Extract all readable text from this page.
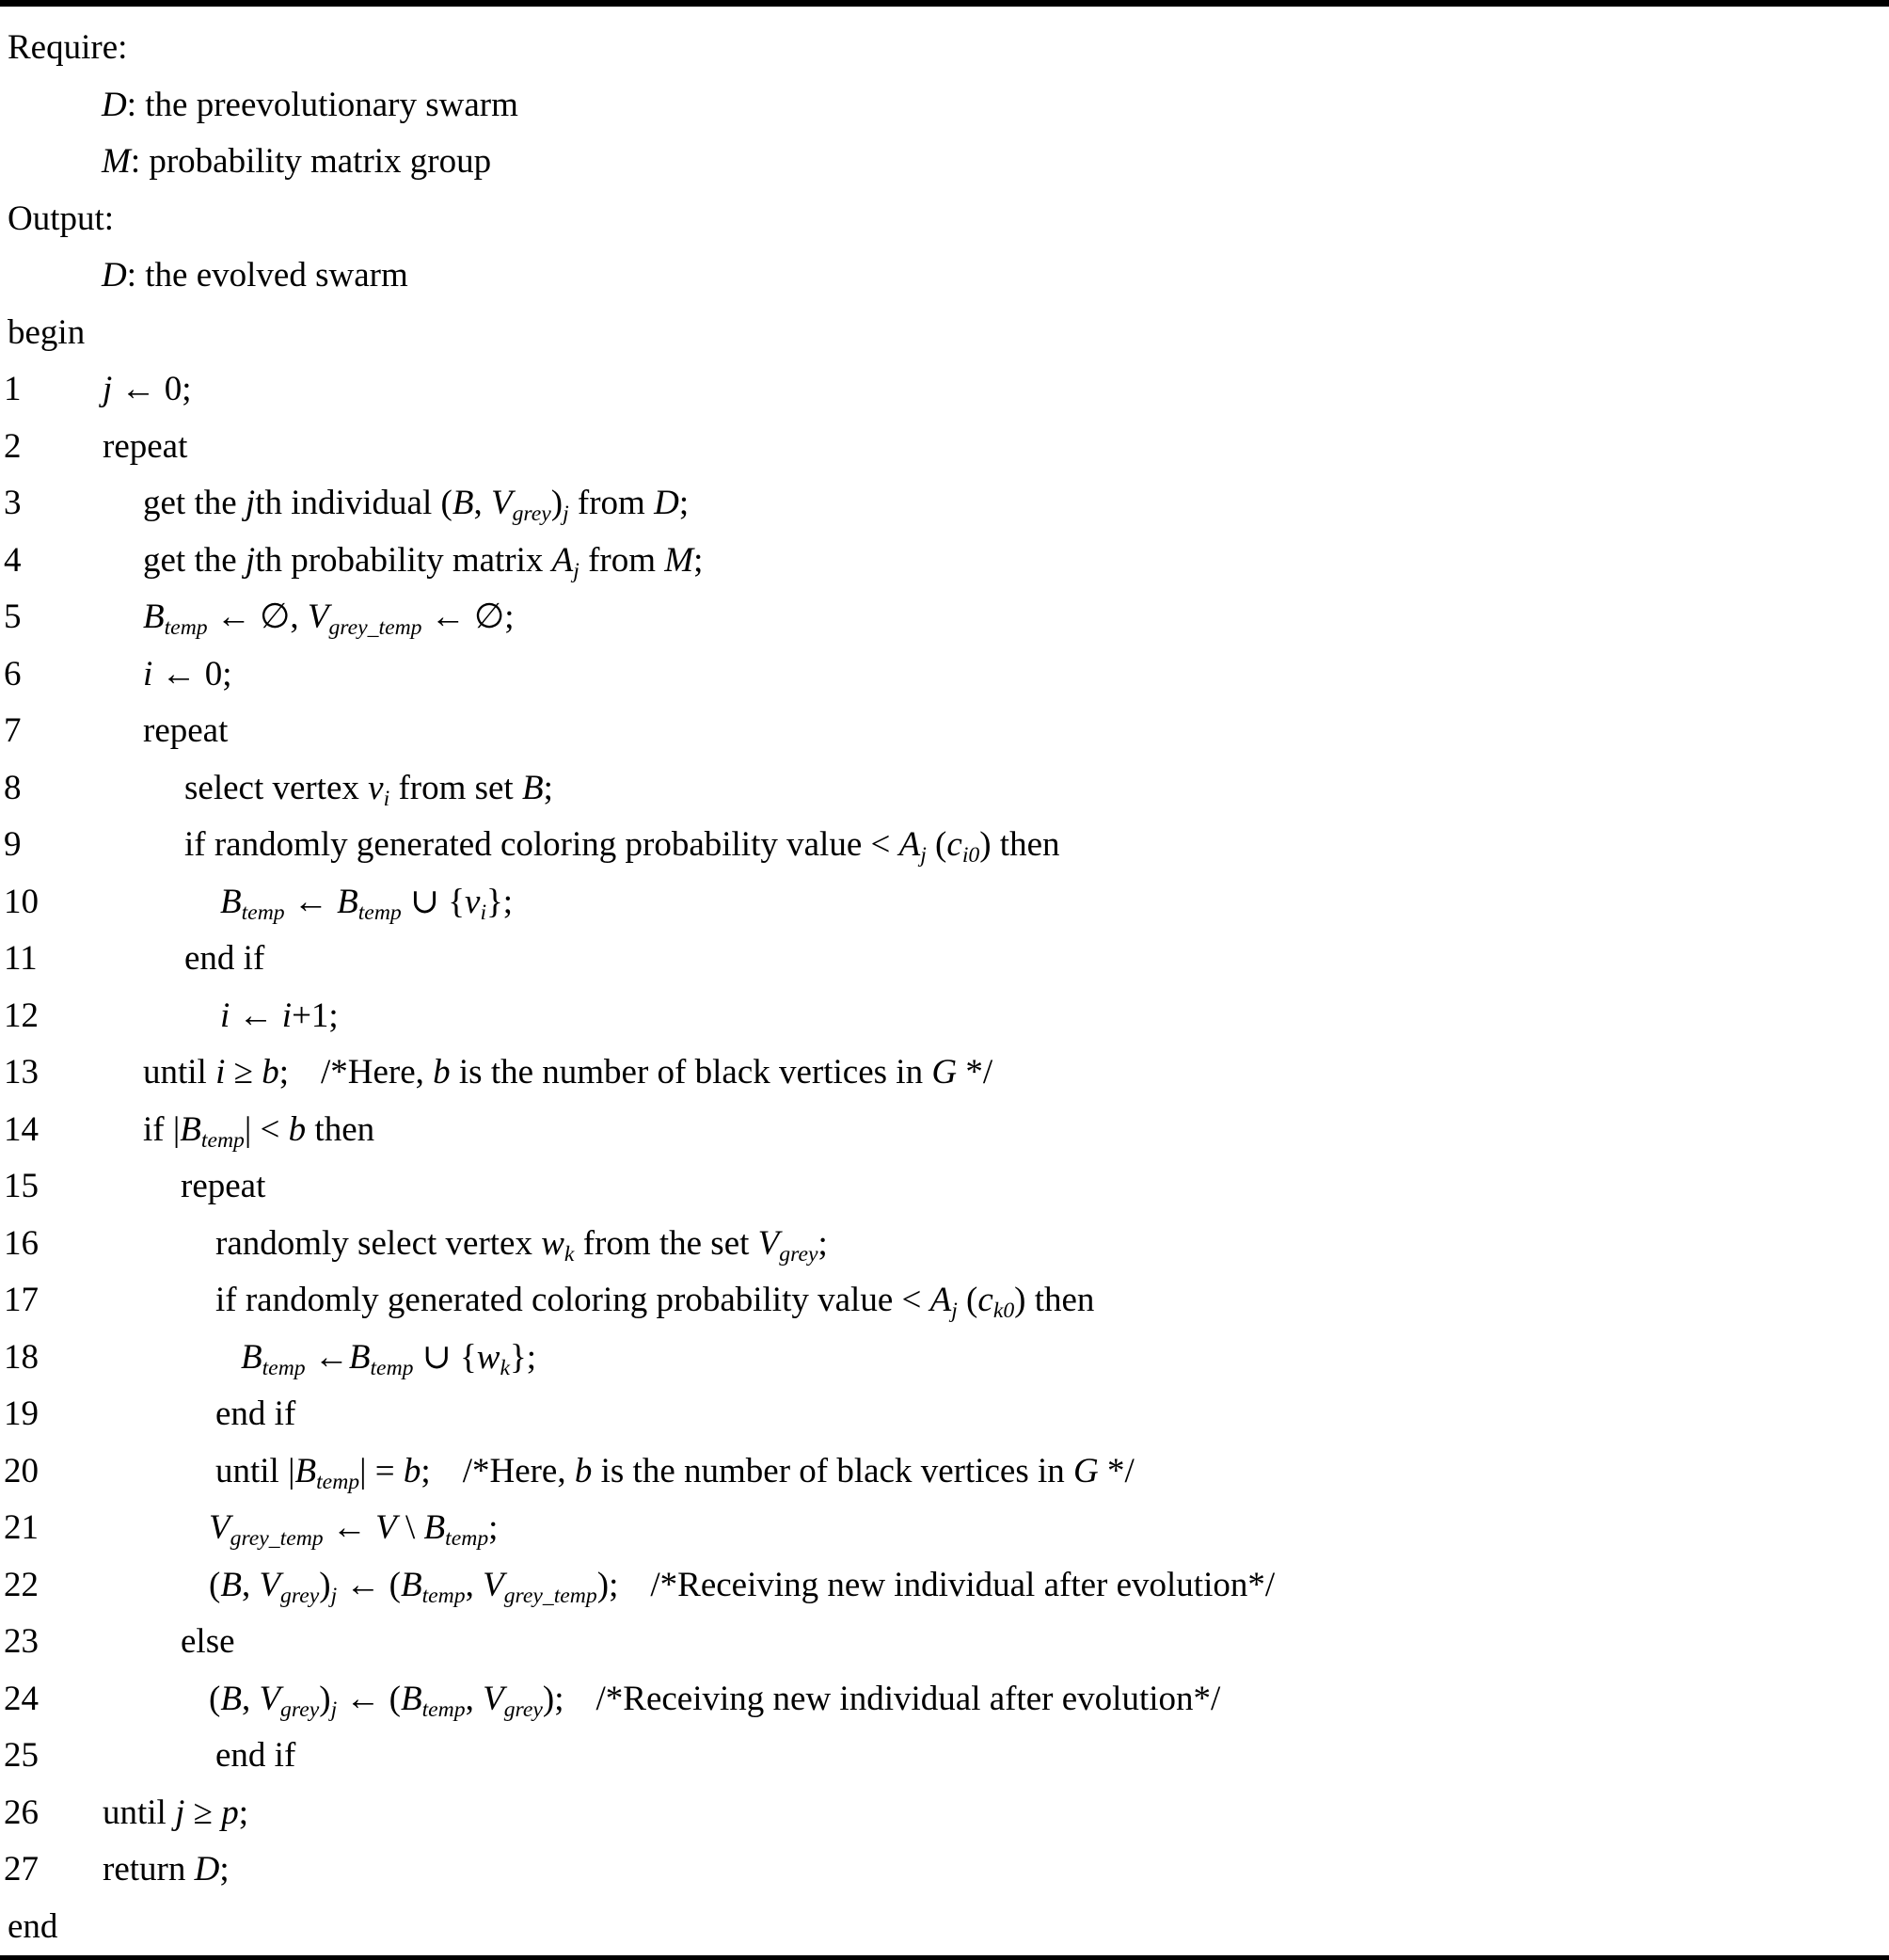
Require:
D: the preevolutionary swarm
M: probability matrix group
Output:
D: the evolved swarm
begin
1	j ← 0;
2	repeat
3	get the jth individual (B, $V_{grey})_j$ from D;
4	get the jth probability matrix $A_j$ from M;
5	$B_{temp}$ ← ∅, $V_{grey\_temp}$ ← ∅;
6	i ← 0;
7	repeat
8	select vertex $v_i$ from set B;
9	if randomly generated coloring probability value < $A_j$ $(c_{i0})$ then
10	$B_{temp}$ ← $B_{temp}$ ∪ $\{v_i\}$;
11	end if
12	i ← i+1;
13	until i ≥ b; /*Here, b is the number of black vertices in G */
14	if $|B_{temp}| < b$ then
15	repeat
16	randomly select vertex $w_k$ from the set $V_{grey}$;
17	if randomly generated coloring probability value < $A_j$ $(c_{k0})$ then
18	$B_{temp}$ $\leftarrow B_{temp}$ ∪ $\{w_k\}$;
19	end if
20	until $|B_{temp}| = b$; /*Here, b is the number of black vertices in G */
21	$V_{grey\_temp}$ ← V \ $B_{temp}$;
22	(B, $V_{grey})_j$ ← ($B_{temp}$, $V_{grey\_temp}$); /*Receiving new individual after evolution*/
23	else
24	(B, $V_{grey})_j$ ← ($B_{temp}$, $V_{grey}$); /*Receiving new individual after evolution*/
25	end if
26	until j ≥ p;
27	return D;
end
